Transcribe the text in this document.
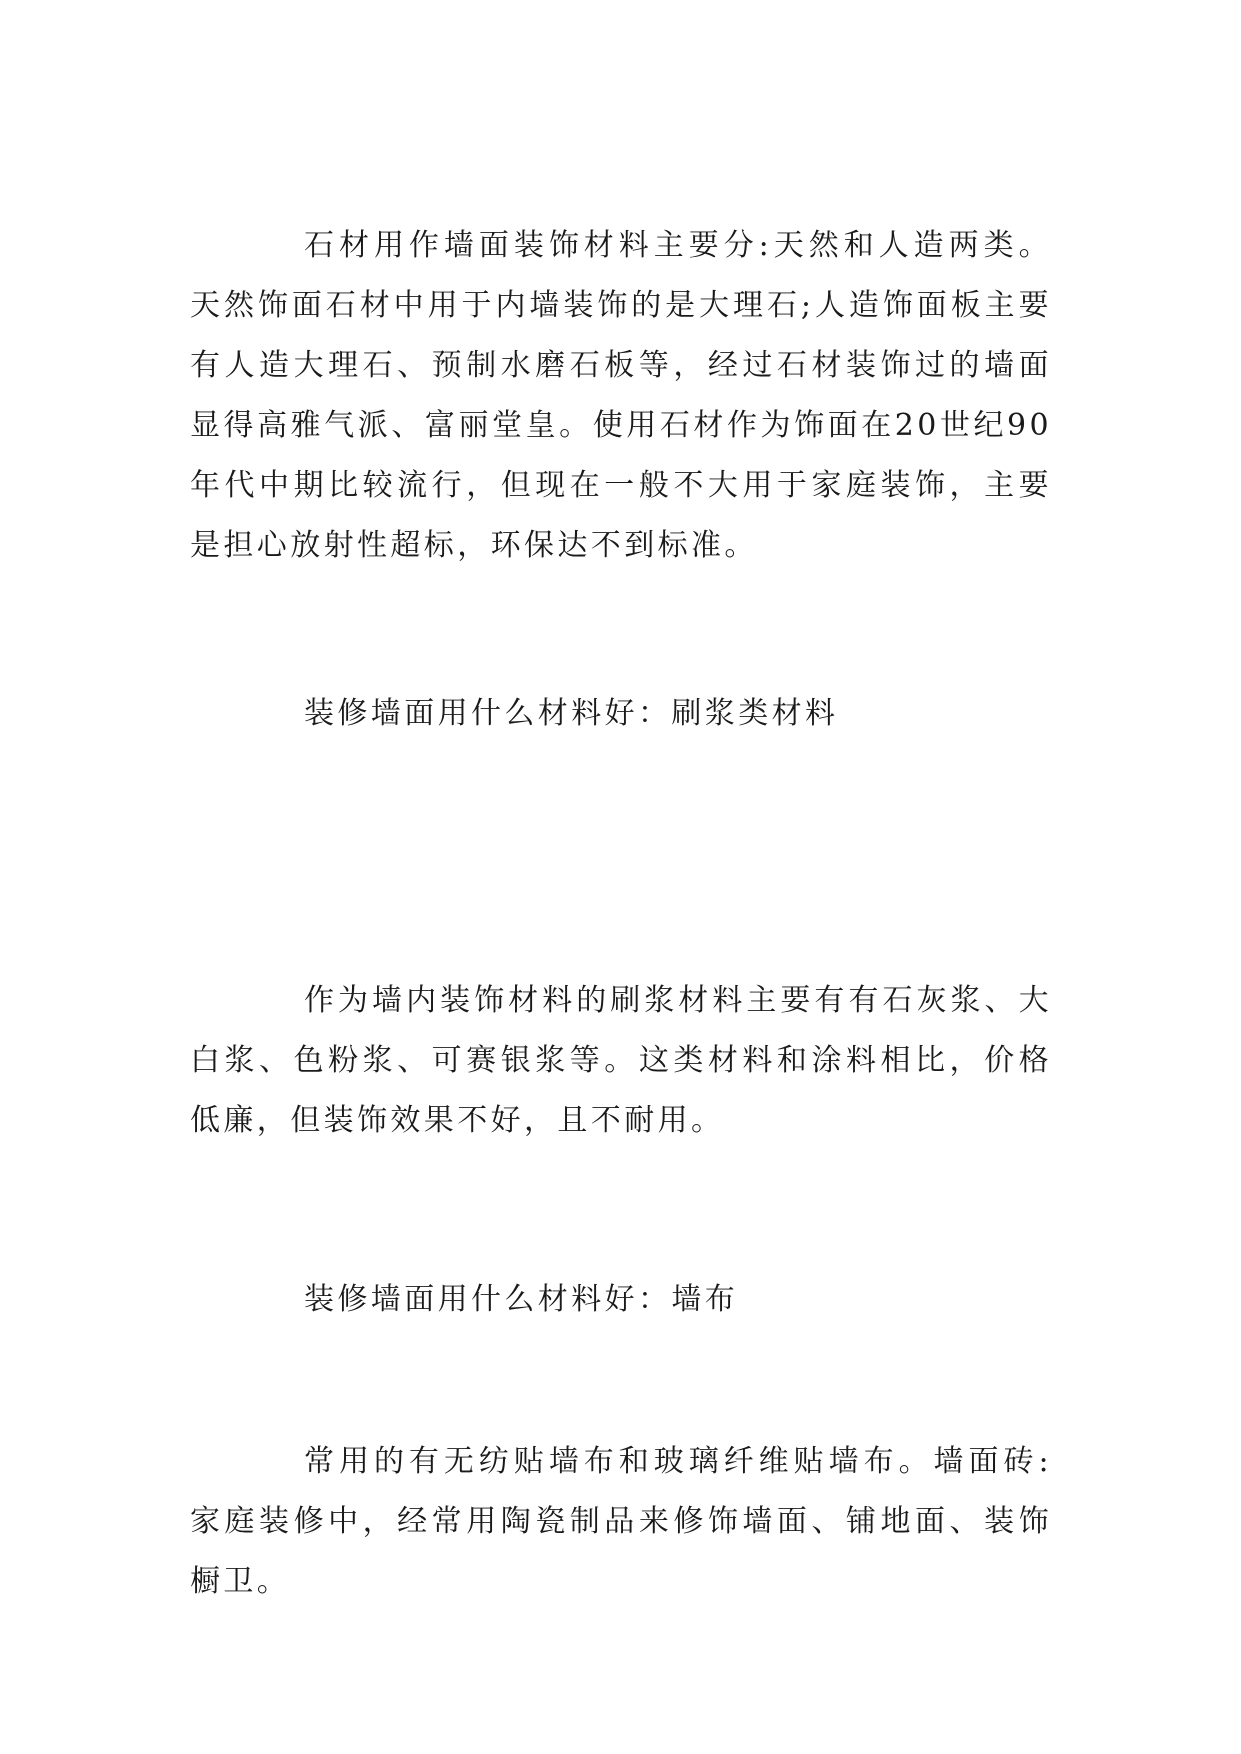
石材用作墙面装饰材料主要分:天然和人造两类。天然饰面石材中用于内墙装饰的是大理石;人造饰面板主要有人造大理石、预制水磨石板等，经过石材装饰过的墙面显得高雅气派、富丽堂皇。使用石材作为饰面在20世纪90年代中期比较流行，但现在一般不大用于家庭装饰，主要是担心放射性超标，环保达不到标准。

装修墙面用什么材料好：刷浆类材料

作为墙内装饰材料的刷浆材料主要有有石灰浆、大白浆、色粉浆、可赛银浆等。这类材料和涂料相比，价格低廉，但装饰效果不好，且不耐用。

装修墙面用什么材料好：墙布

常用的有无纺贴墙布和玻璃纤维贴墙布。墙面砖:家庭装修中，经常用陶瓷制品来修饰墙面、铺地面、装饰橱卫。
